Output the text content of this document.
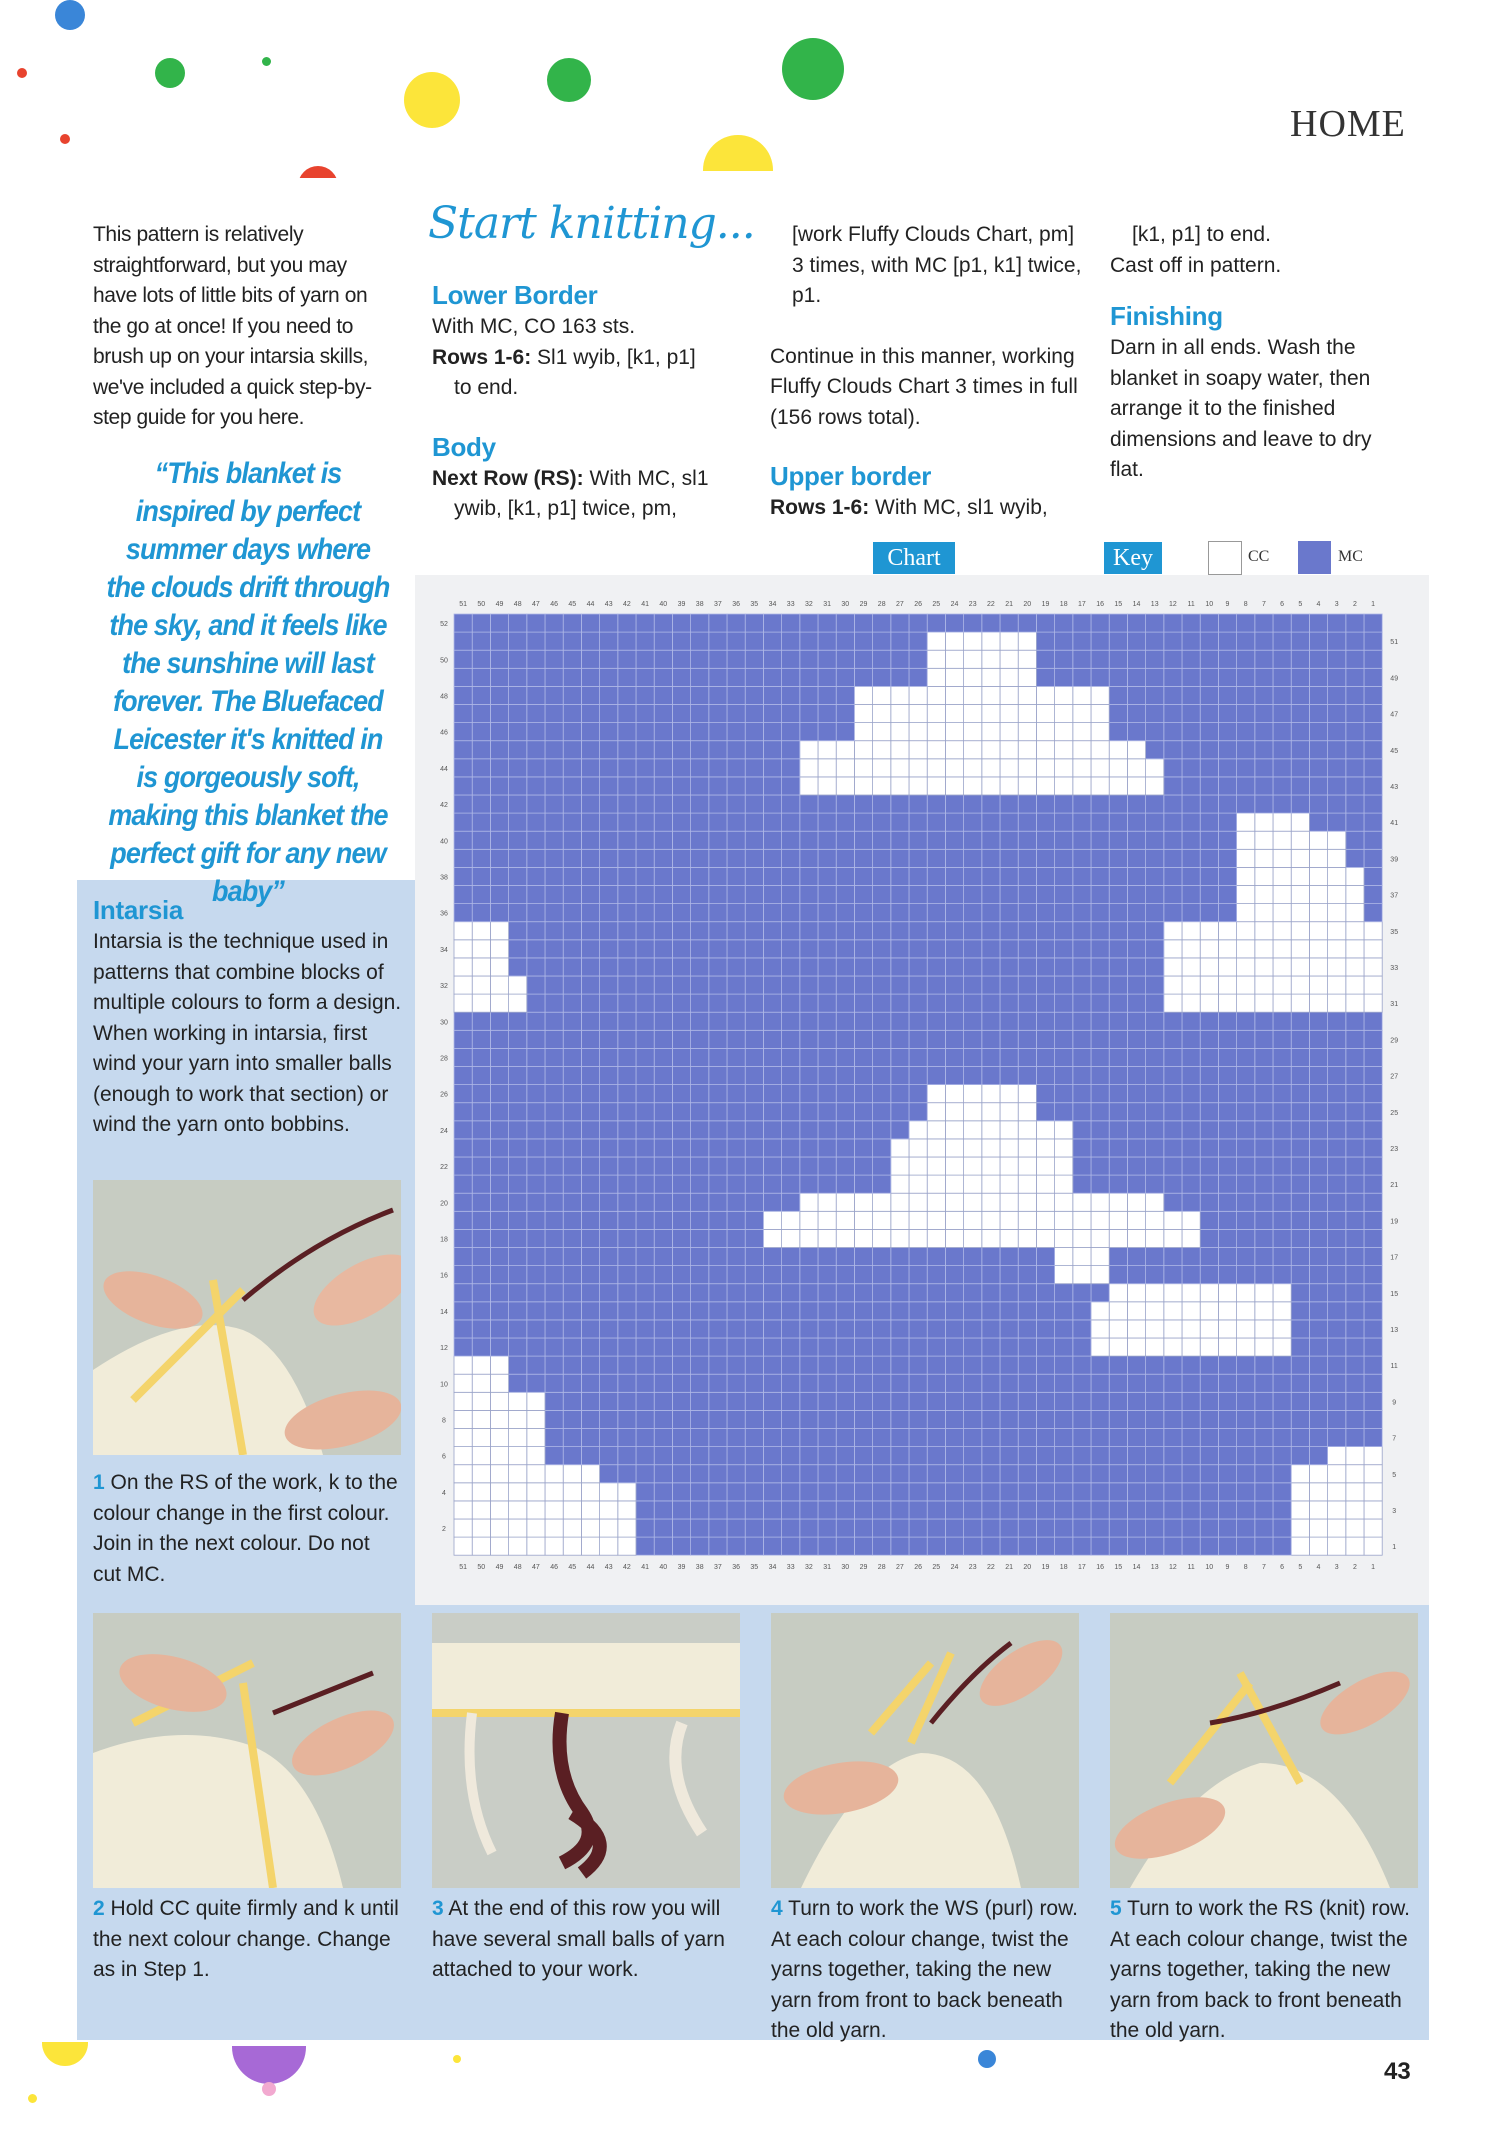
HOME
This pattern is relatively straightforward, but you may have lots of little bits of yarn on the go at once! If you need to brush up on your intarsia skills, we've included a quick step-by-step guide for you here.
“This blanket is inspired by perfect summer days where the clouds drift through the sky, and it feels like the sunshine will last forever. The Bluefaced Leicester it's knitted in is gorgeously soft, making this blanket the perfect gift for any new baby”
Start knitting...
Lower Border
With MC, CO 163 sts.
Rows 1-6: Sl1 wyib, [k1, p1]
to end.
Body
Next Row (RS): With MC, sl1
ywib, [k1, p1] twice, pm,
[work Fluffy Clouds Chart, pm] 3 times, with MC [p1, k1] twice, p1.
Continue in this manner, working Fluffy Clouds Chart 3 times in full (156 rows total).
Upper border
Rows 1-6: With MC, sl1 wyib,
[k1, p1] to end.
Cast off in pattern.
Finishing
Darn in all ends. Wash the blanket in soapy water, then arrange it to the finished dimensions and leave to dry flat.
Chart	Key	CC	MC
51
51
50
50
49
49
48
48
47
47
46
46
45
45
44
44
43
43
42
42
41
41
40
40
39
39
38
38
37
37
36
36
35
35
34
34
33
33
32
32
31
31
30
30
29
29
28
28
27
27
26
26
25
25
24
24
23
23
22
22
21
21
20
20
19
19
18
18
17
17
16
16
15
15
14
14
13
13
12
12
11
11
10
10
9
9
8
8
7
7
6
6
5
5
4
4
3
3
2
2
1
1
52
50
48
46
44
42
40
38
36
34
32
30
28
26
24
22
20
18
16
14
12
10
8
6
4
2
51
49
47
45
43
41
39
37
35
33
31
29
27
25
23
21
19
17
15
13
11
9
7
5
3
1
Intarsia
Intarsia is the technique used in patterns that combine blocks of multiple colours to form a design. When working in intarsia, first wind your yarn into smaller balls (enough to work that section) or wind the yarn onto bobbins.
1 On the RS of the work, k to the colour change in the first colour. Join in the next colour. Do not cut MC.
2 Hold CC quite firmly and k until the next colour change. Change as in Step 1.
3 At the end of this row you will have several small balls of yarn attached to your work.
4 Turn to work the WS (purl) row. At each colour change, twist the yarns together, taking the new yarn from front to back beneath the old yarn.
5 Turn to work the RS (knit) row. At each colour change, twist the yarns together, taking the new yarn from back to front beneath the old yarn.
43
